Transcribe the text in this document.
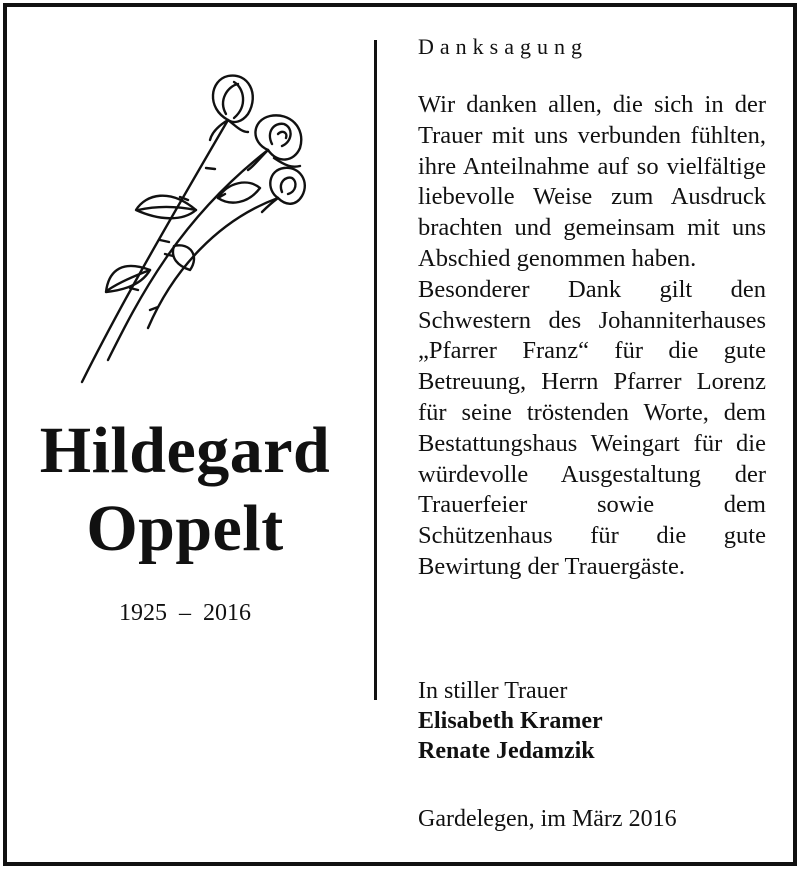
Hildegard
Oppelt
1925  –  2016
Danksagung

Wir danken allen, die sich in der Trauer mit uns verbunden fühlten, ihre Anteilnahme auf so vielfältige liebevolle Weise zum Ausdruck brachten und gemeinsam mit uns Abschied genommen haben.

Besonderer Dank gilt den Schwestern des Johanniterhauses „Pfarrer Franz“ für die gute Betreuung, Herrn Pfarrer Lorenz für seine tröstenden Worte, dem Bestattungshaus Weingart für die würdevolle Ausgestaltung der Trauerfeier sowie dem Schützenhaus für die gute Bewirtung der Trauergäste.

In stiller Trauer
Elisabeth Kramer
Renate Jedamzik
Gardelegen, im März 2016
